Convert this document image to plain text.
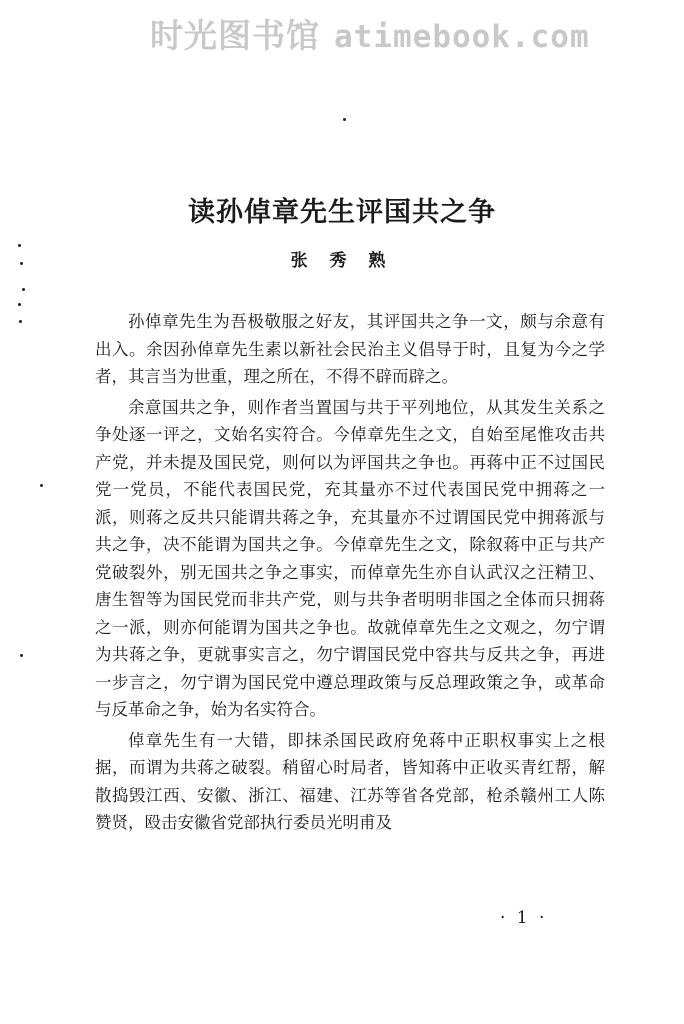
时光图书馆 atimebook.com
读孙倬章先生评国共之争
张 秀 熟

孙倬章先生为吾极敬服之好友，其评国共之争一文，颇与余意有出入。余因孙倬章先生素以新社会民治主义倡导于时，且复为今之学者，其言当为世重，理之所在，不得不辟而辟之。

余意国共之争，则作者当置国与共于平列地位，从其发生关系之争处逐一评之，文始名实符合。今倬章先生之文，自始至尾惟攻击共产党，并未提及国民党，则何以为评国共之争也。再蒋中正不过国民党一党员，不能代表国民党，充其量亦不过代表国民党中拥蒋之一派，则蒋之反共只能谓共蒋之争，充其量亦不过谓国民党中拥蒋派与共之争，决不能谓为国共之争。今倬章先生之文，除叙蒋中正与共产党破裂外，别无国共之争之事实，而倬章先生亦自认武汉之汪精卫、唐生智等为国民党而非共产党，则与共争者明明非国之全体而只拥蒋之一派，则亦何能谓为国共之争也。故就倬章先生之文观之，勿宁谓为共蒋之争，更就事实言之，勿宁谓国民党中容共与反共之争，再进一步言之，勿宁谓为国民党中遵总理政策与反总理政策之争，或革命与反革命之争，始为名实符合。

倬章先生有一大错，即抹杀国民政府免蒋中正职权事实上之根据，而谓为共蒋之破裂。稍留心时局者，皆知蒋中正收买青红帮，解散捣毁江西、安徽、浙江、福建、江苏等省各党部，枪杀赣州工人陈赞贤，殴击安徽省党部执行委员光明甫及

· 1 ·
